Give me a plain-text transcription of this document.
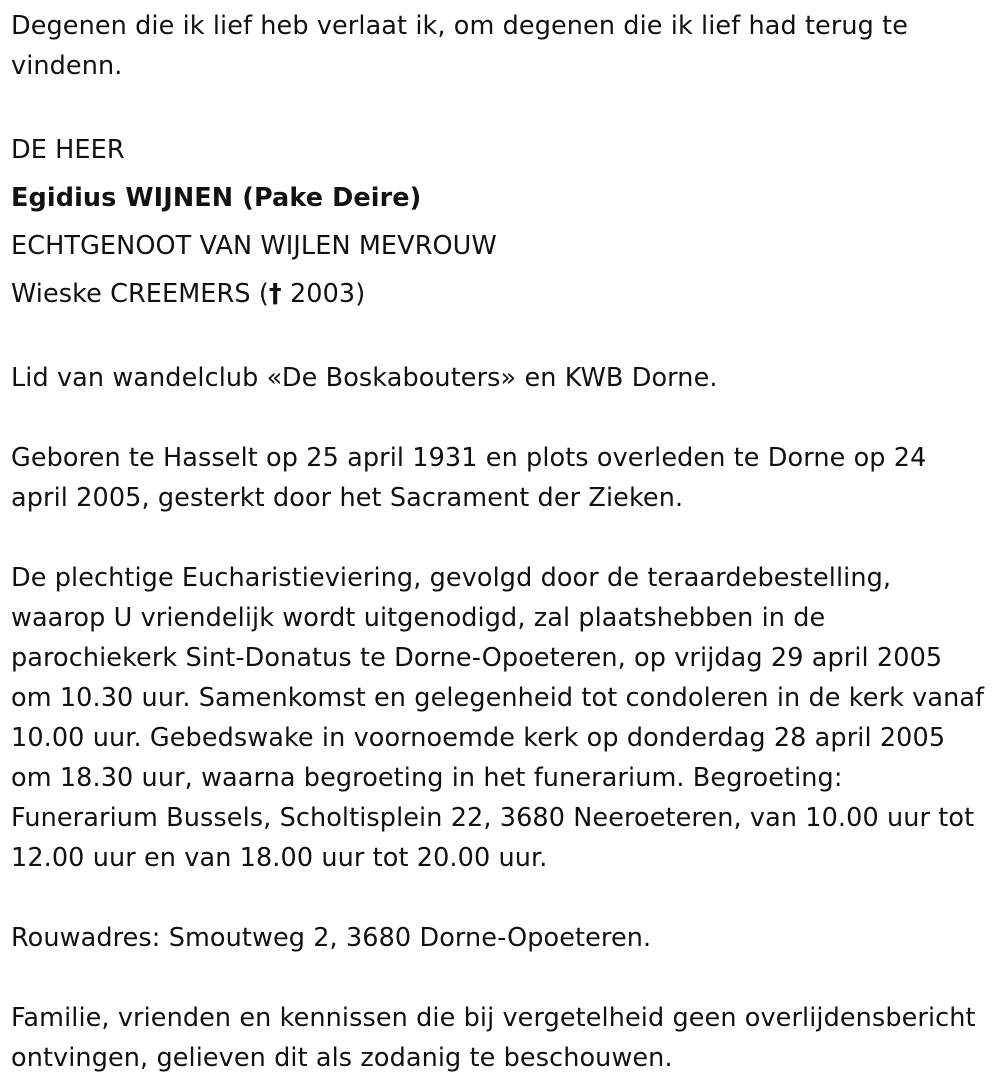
Degenen die ik lief heb verlaat ik, om degenen die ik lief had terug te vindenn.

DE HEER

Egidius WIJNEN (Pake Deire)

ECHTGENOOT VAN WIJLEN MEVROUW

Wieske CREEMERS († 2003)

Lid van wandelclub «De Boskabouters» en KWB Dorne.

Geboren te Hasselt op 25 april 1931 en plots overleden te Dorne op 24 april 2005, gesterkt door het Sacrament der Zieken.

De plechtige Eucharistieviering, gevolgd door de teraardebestelling, waarop U vriendelijk wordt uitgenodigd, zal plaatshebben in de parochiekerk Sint-Donatus te Dorne-Opoeteren, op vrijdag 29 april 2005 om 10.30 uur. Samenkomst en gelegenheid tot condoleren in de kerk vanaf 10.00 uur. Gebedswake in voornoemde kerk op donderdag 28 april 2005 om 18.30 uur, waarna begroeting in het funerarium. Begroeting: Funerarium Bussels, Scholtisplein 22, 3680 Neeroeteren, van 10.00 uur tot 12.00 uur en van 18.00 uur tot 20.00 uur.

Rouwadres: Smoutweg 2, 3680 Dorne-Opoeteren.

Familie, vrienden en kennissen die bij vergetelheid geen overlijdensbericht ontvingen, gelieven dit als zodanig te beschouwen.
